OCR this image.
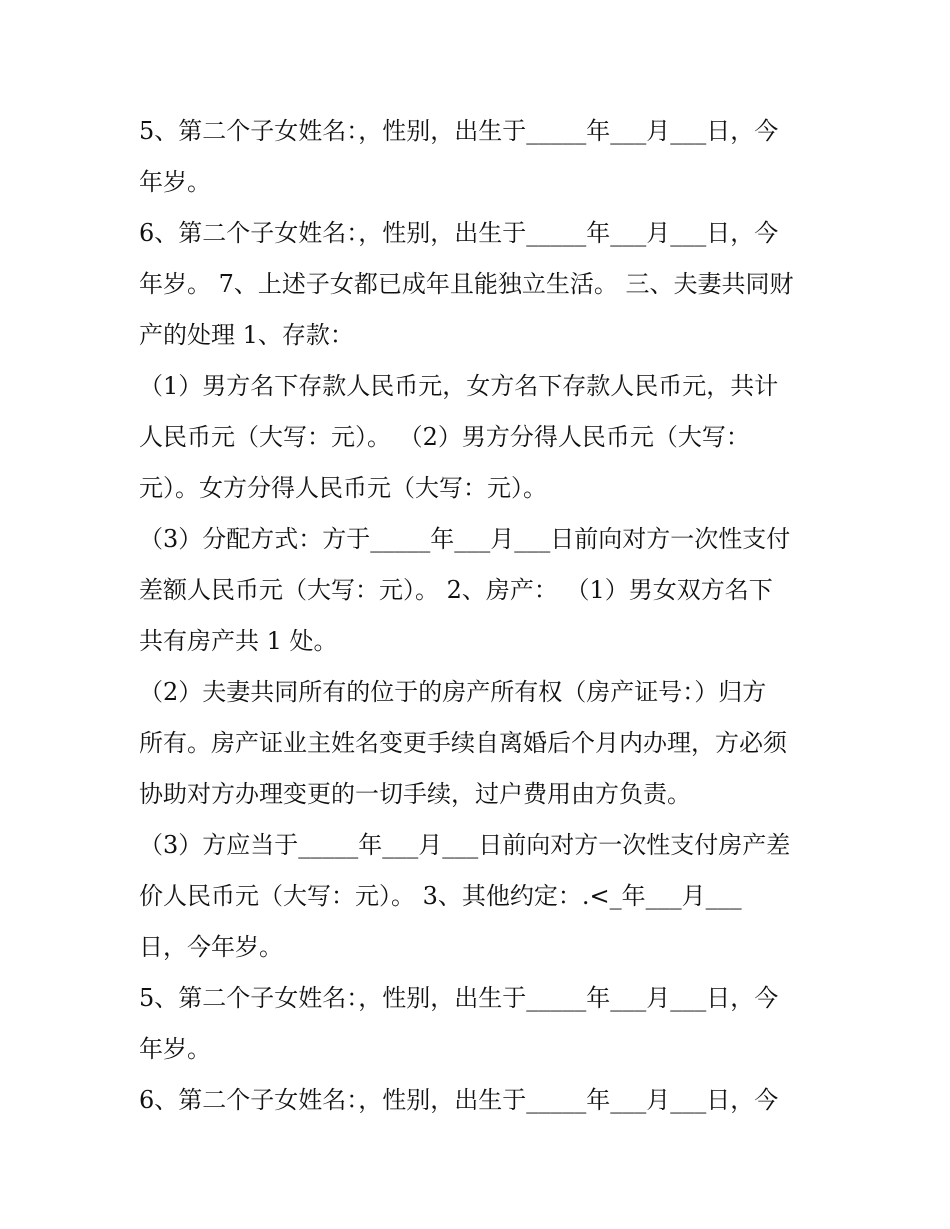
5、第二个子女姓名：，性别，出生于_____年___月___日，今
年岁。
6、第二个子女姓名：，性别，出生于_____年___月___日，今
年岁。 7、上述子女都已成年且能独立生活。 三、夫妻共同财
产的处理 1、存款：
（1）男方名下存款人民币元，女方名下存款人民币元，共计
人民币元（大写：元）。 （2）男方分得人民币元（大写：
元）。女方分得人民币元（大写：元）。
（3）分配方式：方于_____年___月___日前向对方一次性支付
差额人民币元（大写：元）。 2、房产： （1）男女双方名下
共有房产共 1 处。
（2）夫妻共同所有的位于的房产所有权（房产证号：）归方
所有。房产证业主姓名变更手续自离婚后个月内办理，方必须
协助对方办理变更的一切手续，过户费用由方负责。
（3）方应当于_____年___月___日前向对方一次性支付房产差
价人民币元（大写：元）。 3、其他约定：.<_年___月___
日，今年岁。
5、第二个子女姓名：，性别，出生于_____年___月___日，今
年岁。
6、第二个子女姓名：，性别，出生于_____年___月___日，今
